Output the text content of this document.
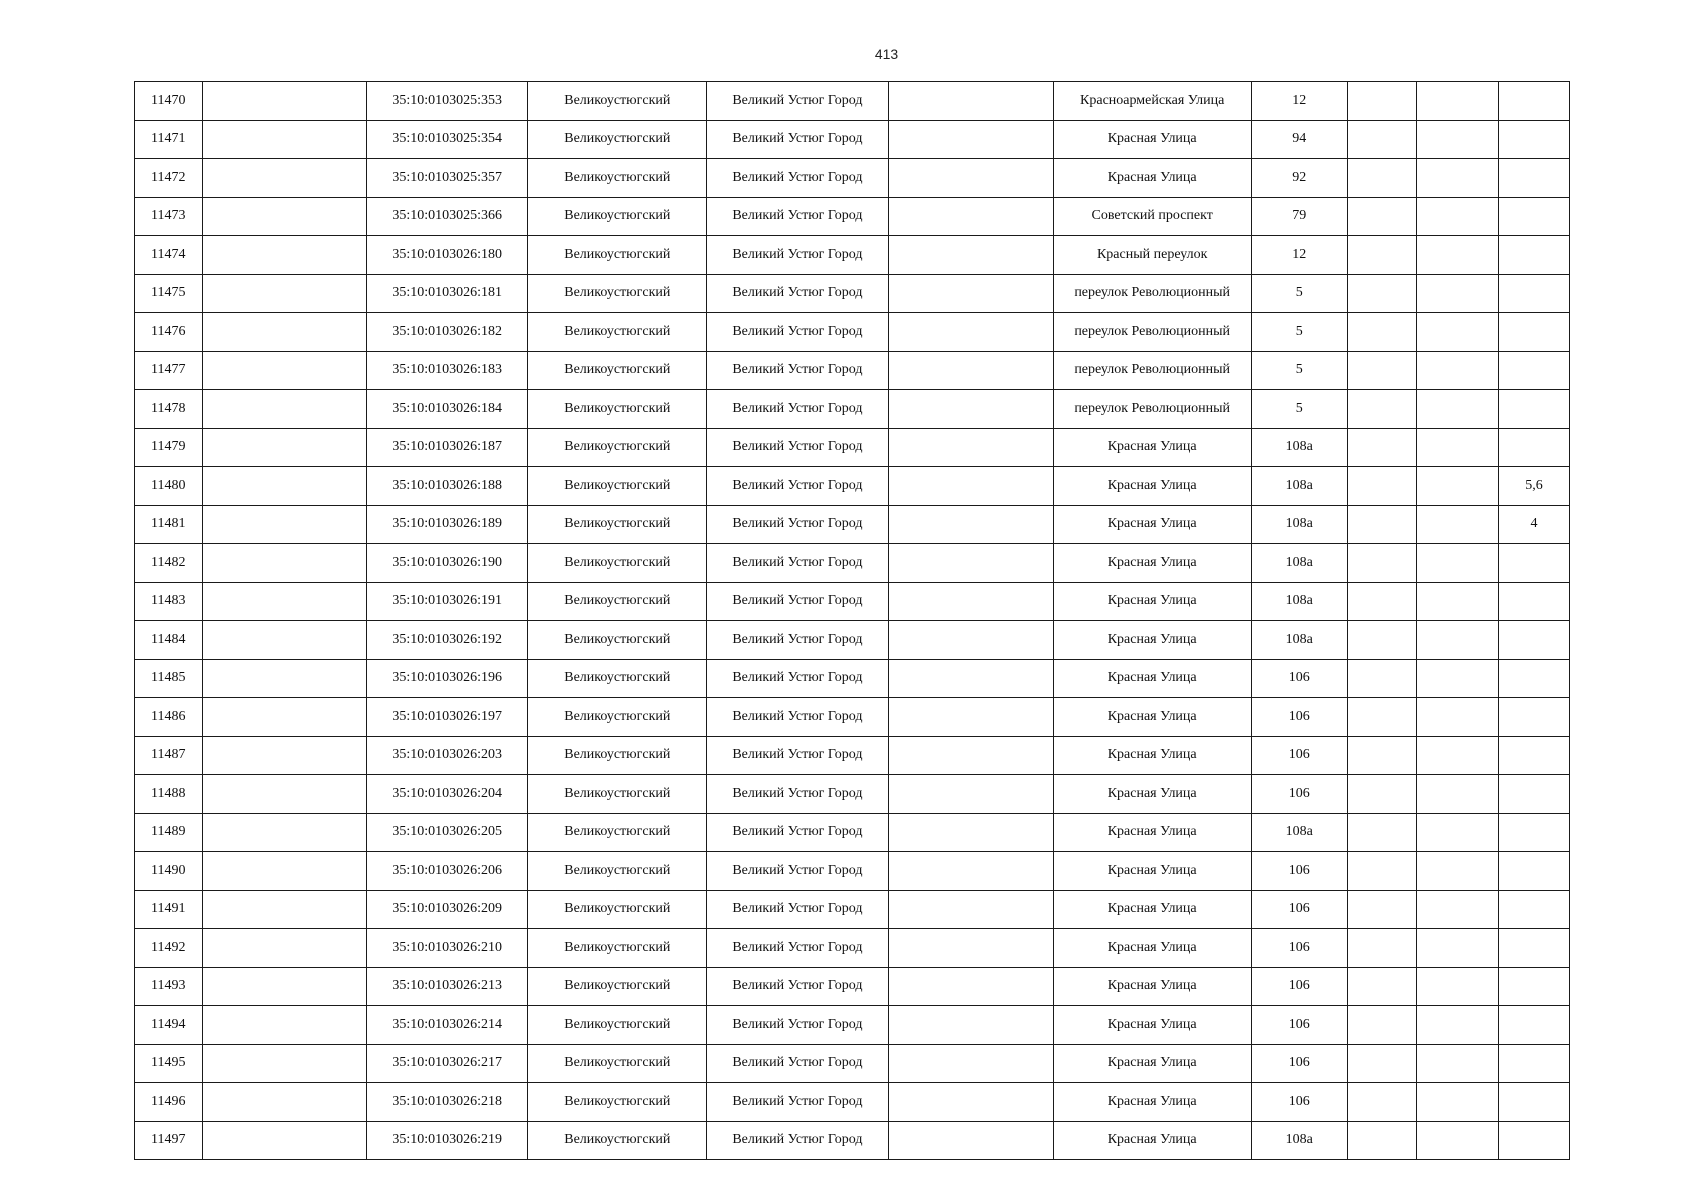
413
11470		35:10:0103025:353	Великоустюгский	Великий Устюг Город		Красноармейская Улица	12			
11471		35:10:0103025:354	Великоустюгский	Великий Устюг Город		Красная Улица	94			
11472		35:10:0103025:357	Великоустюгский	Великий Устюг Город		Красная Улица	92			
11473		35:10:0103025:366	Великоустюгский	Великий Устюг Город		Советский проспект	79			
11474		35:10:0103026:180	Великоустюгский	Великий Устюг Город		Красный переулок	12			
11475		35:10:0103026:181	Великоустюгский	Великий Устюг Город		переулок Революционный	5			
11476		35:10:0103026:182	Великоустюгский	Великий Устюг Город		переулок Революционный	5			
11477		35:10:0103026:183	Великоустюгский	Великий Устюг Город		переулок Революционный	5			
11478		35:10:0103026:184	Великоустюгский	Великий Устюг Город		переулок Революционный	5			
11479		35:10:0103026:187	Великоустюгский	Великий Устюг Город		Красная Улица	108а			
11480		35:10:0103026:188	Великоустюгский	Великий Устюг Город		Красная Улица	108а			5,6
11481		35:10:0103026:189	Великоустюгский	Великий Устюг Город		Красная Улица	108а			4
11482		35:10:0103026:190	Великоустюгский	Великий Устюг Город		Красная Улица	108а			
11483		35:10:0103026:191	Великоустюгский	Великий Устюг Город		Красная Улица	108а			
11484		35:10:0103026:192	Великоустюгский	Великий Устюг Город		Красная Улица	108а			
11485		35:10:0103026:196	Великоустюгский	Великий Устюг Город		Красная Улица	106			
11486		35:10:0103026:197	Великоустюгский	Великий Устюг Город		Красная Улица	106			
11487		35:10:0103026:203	Великоустюгский	Великий Устюг Город		Красная Улица	106			
11488		35:10:0103026:204	Великоустюгский	Великий Устюг Город		Красная Улица	106			
11489		35:10:0103026:205	Великоустюгский	Великий Устюг Город		Красная Улица	108а			
11490		35:10:0103026:206	Великоустюгский	Великий Устюг Город		Красная Улица	106			
11491		35:10:0103026:209	Великоустюгский	Великий Устюг Город		Красная Улица	106			
11492		35:10:0103026:210	Великоустюгский	Великий Устюг Город		Красная Улица	106			
11493		35:10:0103026:213	Великоустюгский	Великий Устюг Город		Красная Улица	106			
11494		35:10:0103026:214	Великоустюгский	Великий Устюг Город		Красная Улица	106			
11495		35:10:0103026:217	Великоустюгский	Великий Устюг Город		Красная Улица	106			
11496		35:10:0103026:218	Великоустюгский	Великий Устюг Город		Красная Улица	106			
11497		35:10:0103026:219	Великоустюгский	Великий Устюг Город		Красная Улица	108а			
